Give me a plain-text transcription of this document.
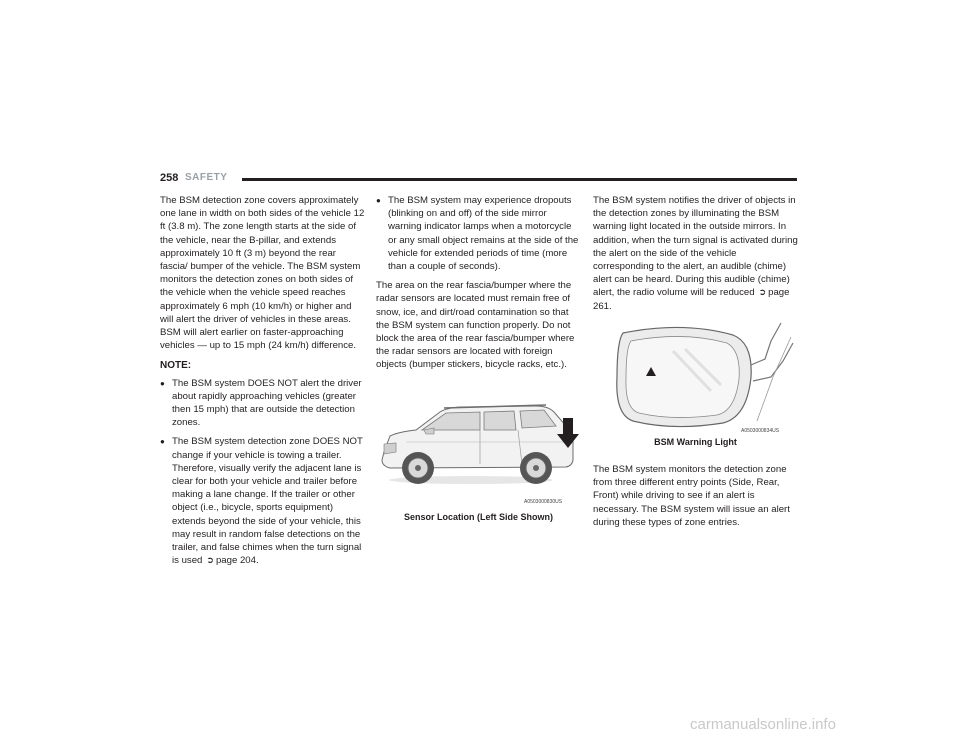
258 SAFETY

The BSM detection zone covers approximately one lane in width on both sides of the vehicle 12 ft (3.8 m). The zone length starts at the side of the vehicle, near the B-pillar, and extends approximately 10 ft (3 m) beyond the rear fascia/ bumper of the vehicle. The BSM system monitors the detection zones on both sides of the vehicle when the vehicle speed reaches approximately 6 mph (10 km/h) or higher and will alert the driver of vehicles in these areas. BSM will alert earlier on faster-approaching vehicles — up to 15 mph (24 km/h) difference.

NOTE:
● The BSM system DOES NOT alert the driver about rapidly approaching vehicles (greater then 15 mph) that are outside the detection zones.
● The BSM system detection zone DOES NOT change if your vehicle is towing a trailer. Therefore, visually verify the adjacent lane is clear for both your vehicle and trailer before making a lane change. If the trailer or other object (i.e., bicycle, sports equipment) extends beyond the side of your vehicle, this may result in random false detections on the trailer, and false chimes when the turn signal is used ➲ page 204.
● The BSM system may experience dropouts (blinking on and off) of the side mirror warning indicator lamps when a motorcycle or any small object remains at the side of the vehicle for extended periods of time (more than a couple of seconds).

The area on the rear fascia/bumper where the radar sensors are located must remain free of snow, ice, and dirt/road contamination so that the BSM system can function properly. Do not block the area of the rear fascia/bumper where the radar sensors are located with foreign objects (bumper stickers, bicycle racks, etc.).

A0503000830US
Sensor Location (Left Side Shown)

The BSM system notifies the driver of objects in the detection zones by illuminating the BSM warning light located in the outside mirrors. In addition, when the turn signal is activated during the alert on the side of the vehicle corresponding to the alert, an audible (chime) alert can be heard. During this audible (chime) alert, the radio volume will be reduced ➲ page 261.

A0503000834US
BSM Warning Light

The BSM system monitors the detection zone from three different entry points (Side, Rear, Front) while driving to see if an alert is necessary. The BSM system will issue an alert during these types of zone entries.

carmanualsonline.info
